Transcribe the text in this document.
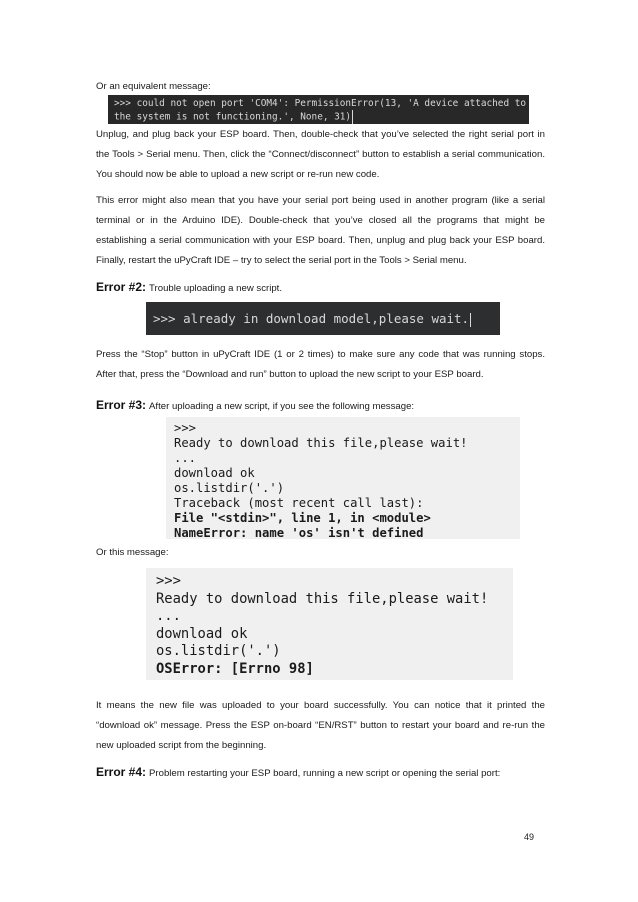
Or an equivalent message:

>>> could not open port 'COM4': PermissionError(13, 'A device attached to
the system is not functioning.', None, 31)

Unplug, and plug back your ESP board. Then, double-check that you’ve selected the right serial port in the Tools > Serial menu. Then, click the “Connect/disconnect” button to establish a serial communication. You should now be able to upload a new script or re-run new code.

This error might also mean that you have your serial port being used in another program (like a serial terminal or in the Arduino IDE). Double-check that you’ve closed all the programs that might be establishing a serial communication with your ESP board. Then, unplug and plug back your ESP board. Finally, restart the uPyCraft IDE – try to select the serial port in the Tools > Serial menu.

Error #2: Trouble uploading a new script.

>>> already in download model,please wait.

Press the “Stop” button in uPyCraft IDE (1 or 2 times) to make sure any code that was running stops. After that, press the “Download and run” button to upload the new script to your ESP board.

Error #3: After uploading a new script, if you see the following message:

>>>
Ready to download this file,please wait!
...
download ok
os.listdir('.')
Traceback (most recent call last):
File "<stdin>", line 1, in <module>
NameError: name 'os' isn't defined

Or this message:

>>>
Ready to download this file,please wait!
...
download ok
os.listdir('.')
OSError: [Errno 98]

It means the new file was uploaded to your board successfully. You can notice that it printed the “download ok” message. Press the ESP on-board “EN/RST” button to restart your board and re-run the new uploaded script from the beginning.

Error #4: Problem restarting your ESP board, running a new script or opening the serial port:

49
